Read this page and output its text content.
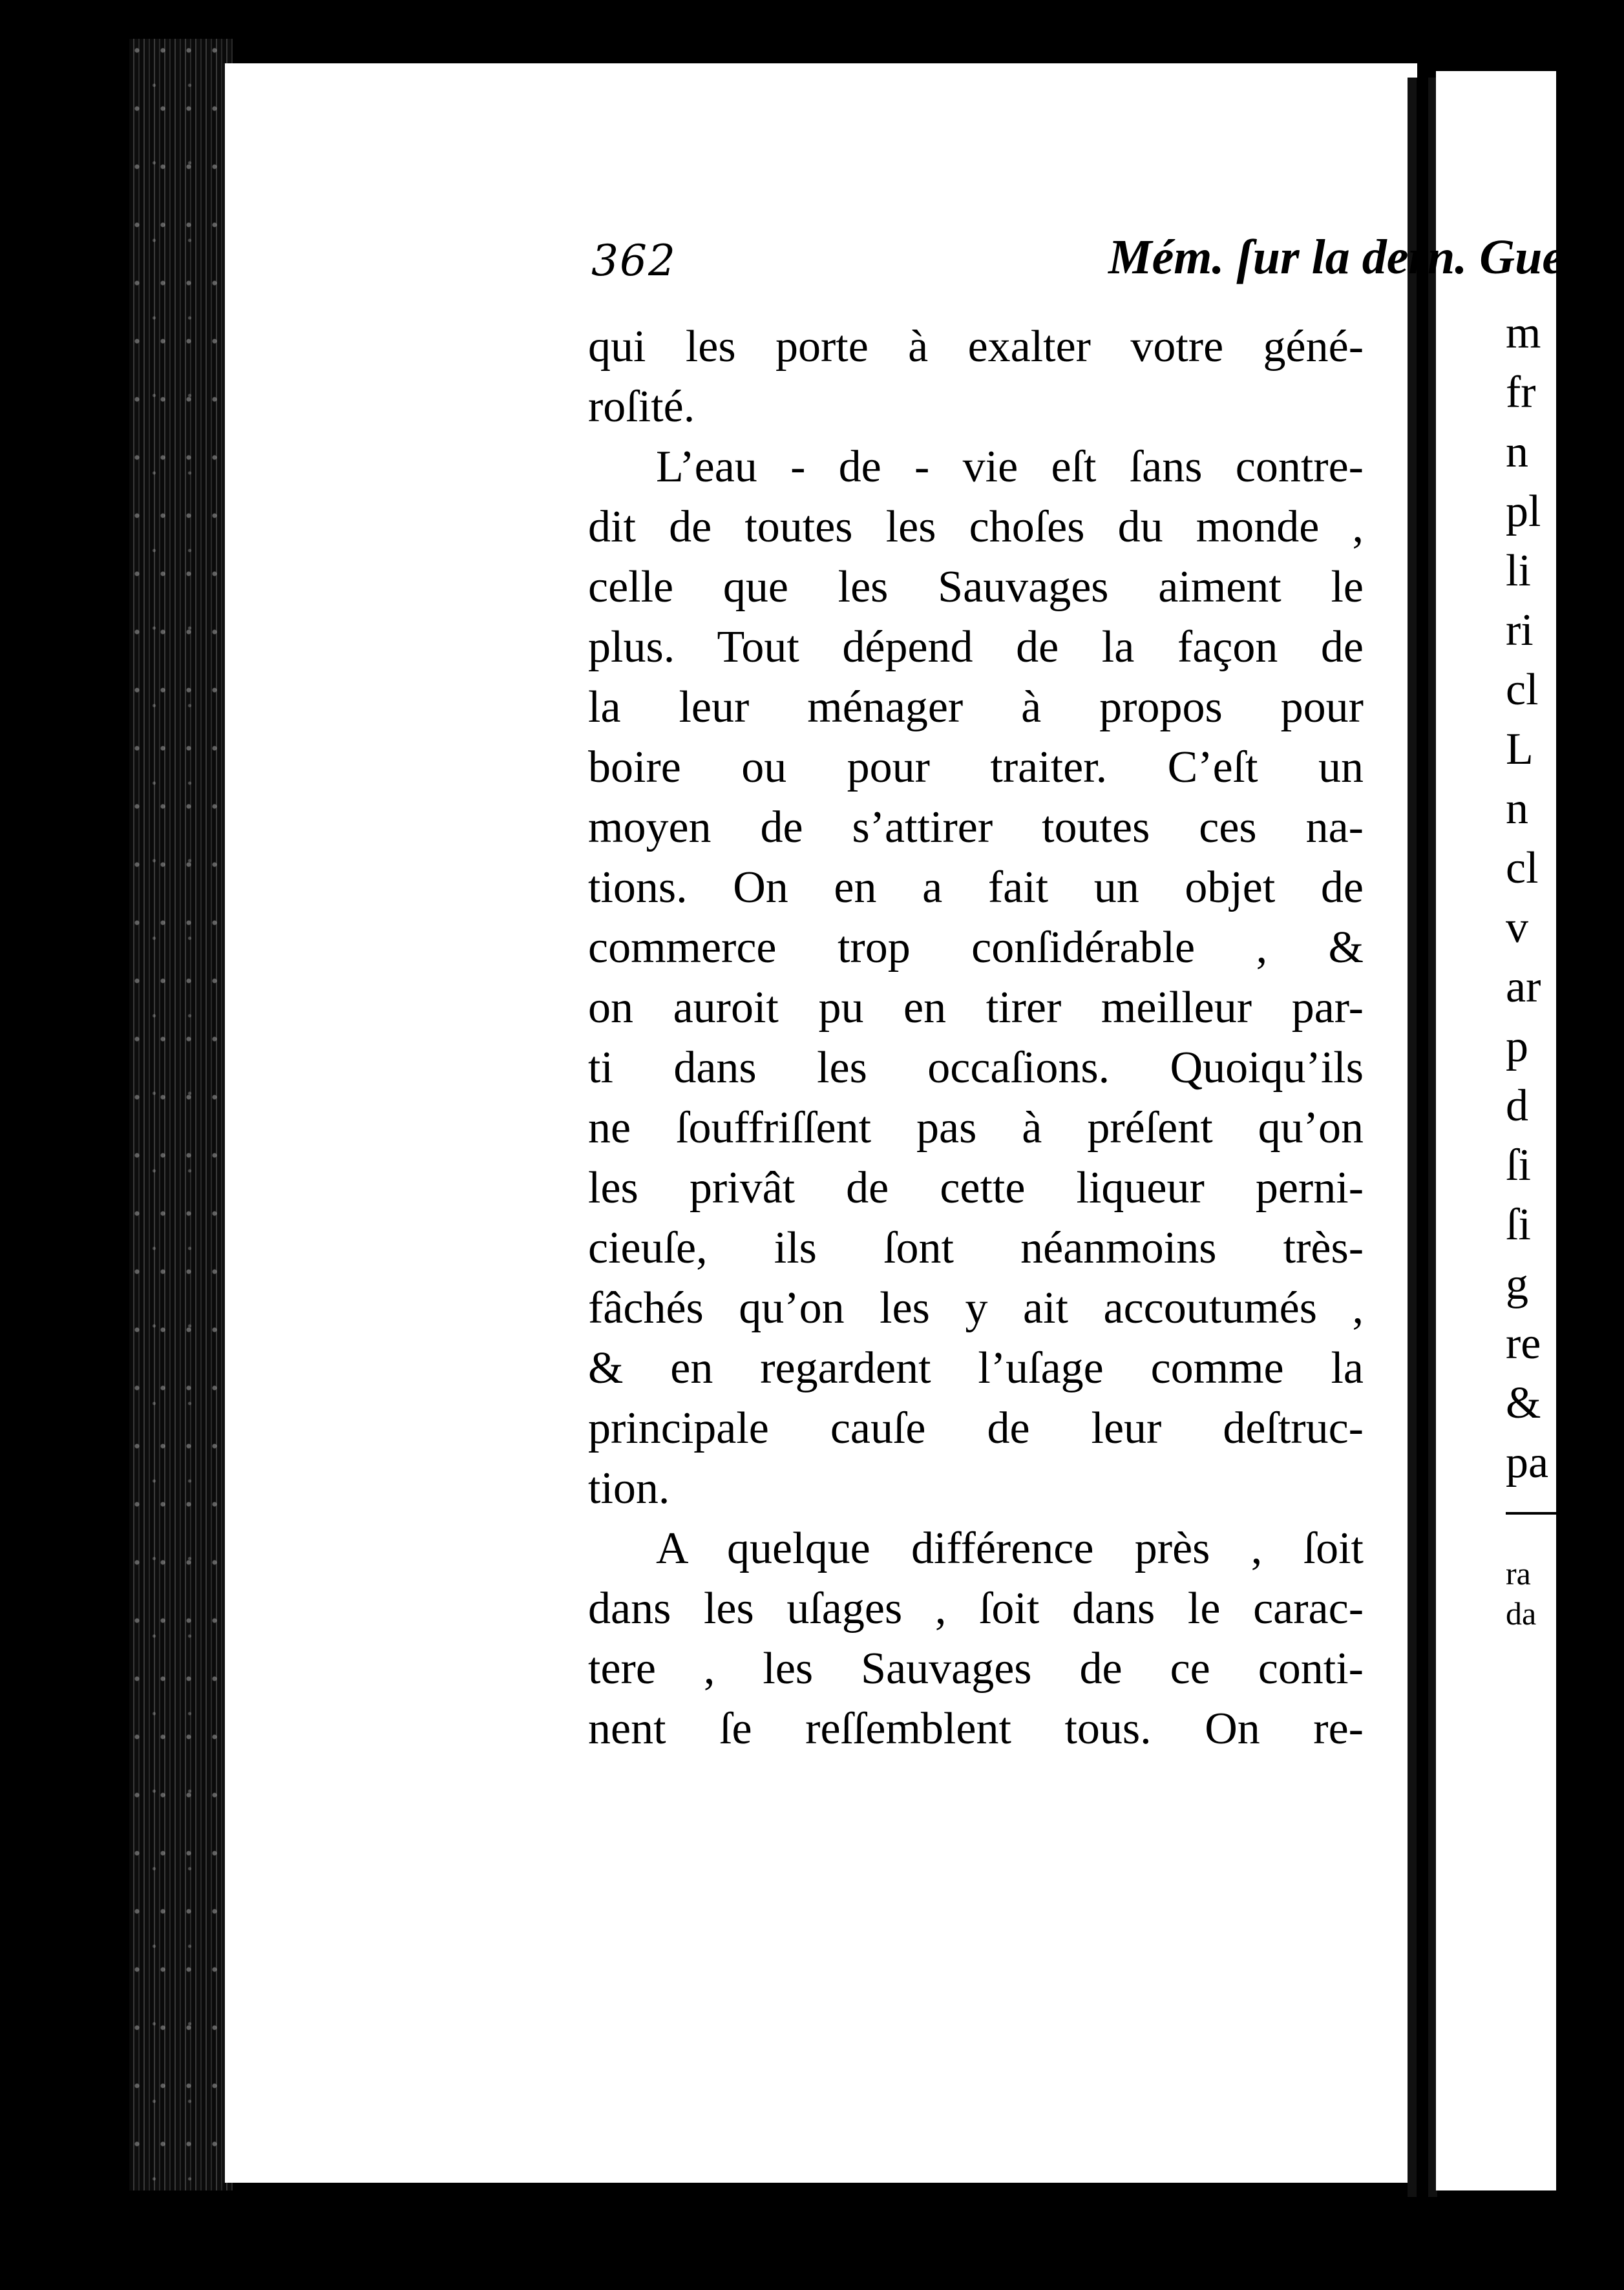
362	Mém. ſur la dern. Guerre
qui les porte à exalter votre géné-
roſité.
L’eau - de - vie eſt ſans contre-
dit de toutes les choſes du monde ,
celle que les Sauvages aiment le
plus. Tout dépend de la façon de
la leur ménager à propos pour
boire ou pour traiter. C’eſt un
moyen de s’attirer toutes ces na-
tions. On en a fait un objet de
commerce trop conſidérable , &
on auroit pu en tirer meilleur par-
ti dans les occaſions. Quoiqu’ils
ne ſouffriſſent pas à préſent qu’on
les privât de cette liqueur perni-
cieuſe, ils ſont néanmoins très-
fâchés qu’on les y ait accoutumés ,
& en regardent l’uſage comme la
principale cauſe de leur deſtruc-
tion.
A quelque différence près , ſoit
dans les uſages , ſoit dans le carac-
tere , les Sauvages de ce conti-
nent ſe reſſemblent tous. On re-
m
fr
n
pl
li
ri
cl
L
n
cl
v
ar
p
d
ſi
ſi
g
re
&
pa
ra
da
